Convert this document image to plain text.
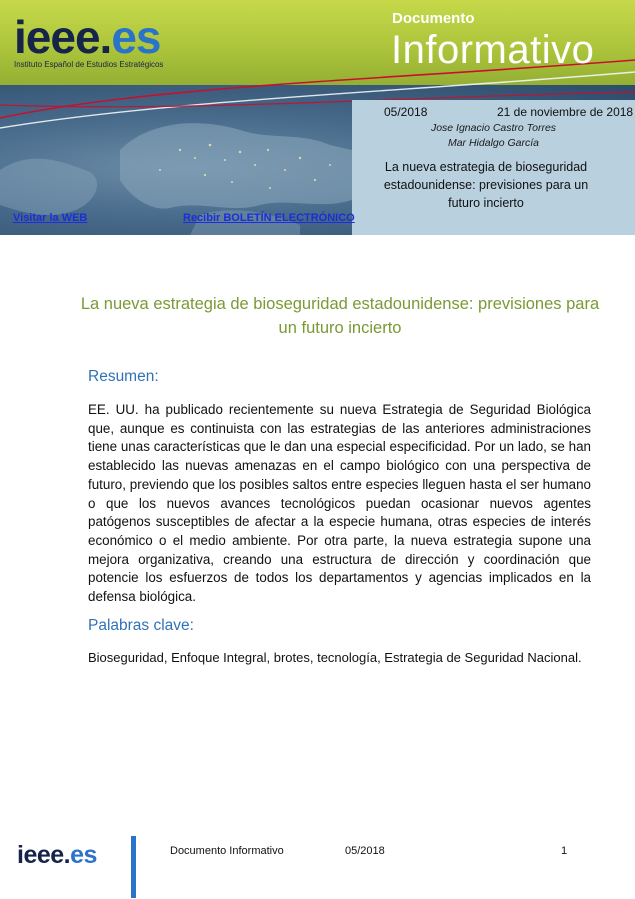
ieee.es
Instituto Español de Estudios Estratégicos
Documento
Informativo
05/2018	21 de noviembre de 2018
Jose Ignacio Castro Torres
Mar Hidalgo García
La nueva estrategia de bioseguridad estadounidense: previsiones para un futuro incierto
Visitar la WEB	Recibir BOLETÍN ELECTRÓNICO
La nueva estrategia de bioseguridad estadounidense: previsiones para un futuro incierto
Resumen:
EE. UU. ha publicado recientemente su nueva Estrategia de Seguridad Biológica que, aunque es continuista con las estrategias de las anteriores administraciones tiene unas características que le dan una especial especificidad. Por un lado, se han establecido las nuevas amenazas en el campo biológico con una perspectiva de futuro, previendo que los posibles saltos entre especies lleguen hasta el ser humano o que los nuevos avances tecnológicos puedan ocasionar nuevos agentes patógenos susceptibles de afectar a la especie humana, otras especies de interés económico o el medio ambiente. Por otra parte, la nueva estrategia supone una mejora organizativa, creando una estructura de dirección y coordinación que potencie los esfuerzos de todos los departamentos y agencias implicados en la defensa biológica.
Palabras clave:
Bioseguridad, Enfoque Integral, brotes, tecnología, Estrategia de Seguridad Nacional.
ieee.es	Documento Informativo	05/2018	1
